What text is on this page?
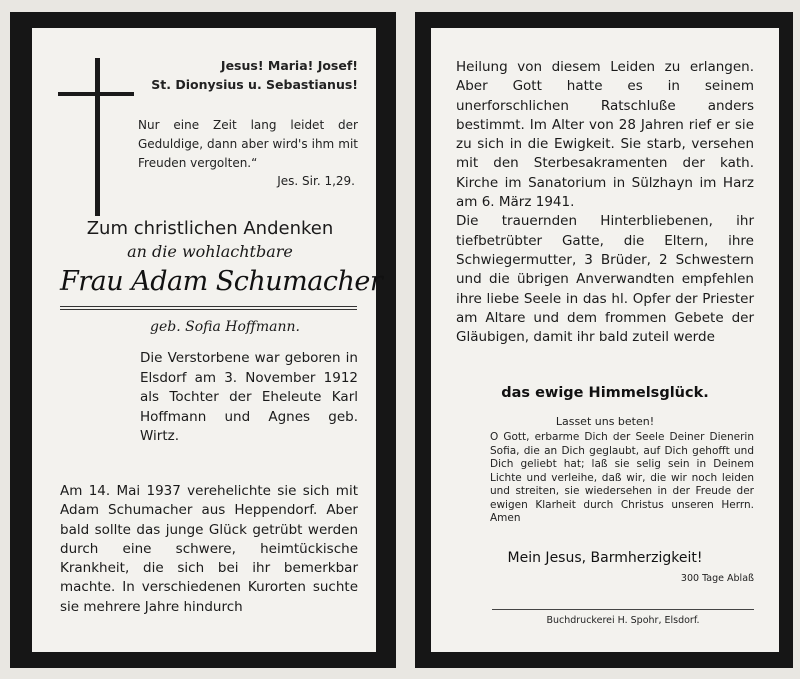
Jesus! Maria! Josef!
St. Dionysius u. Sebastianus!
Nur eine Zeit lang leidet der Geduldige, dann aber wird's ihm mit Freuden vergolten.“
Jes. Sir. 1,29.
Zum christlichen Andenken
an die wohlachtbare
Frau Adam Schumacher
geb. Sofia Hoffmann.
Die Verstorbene war geboren in Elsdorf am 3. November 1912 als Tochter der Eheleute Karl Hoffmann und Agnes geb. Wirtz.
Am 14. Mai 1937 verehelichte sie sich mit Adam Schumacher aus Heppendorf. Aber bald sollte das junge Glück getrübt werden durch eine schwere, heimtückische Krankheit, die sich bei ihr bemerkbar machte. In verschiedenen Kurorten suchte sie mehrere Jahre hindurch
Heilung von diesem Leiden zu erlangen. Aber Gott hatte es in seinem unerforschlichen Ratschluße anders bestimmt. Im Alter von 28 Jahren rief er sie zu sich in die Ewigkeit. Sie starb, versehen mit den Sterbesakramenten der kath. Kirche im Sanatorium in Sülzhayn im Harz am 6. März 1941.
Die trauernden Hinterbliebenen, ihr tiefbetrübter Gatte, die Eltern, ihre Schwiegermutter, 3 Brüder, 2 Schwestern und die übrigen Anverwandten empfehlen ihre liebe Seele in das hl. Opfer der Priester am Altare und dem frommen Gebete der Gläubigen, damit ihr bald zuteil werde
das ewige Himmelsglück.
Lasset uns beten!
O Gott, erbarme Dich der Seele Deiner Dienerin Sofia, die an Dich geglaubt, auf Dich gehofft und Dich geliebt hat; laß sie selig sein in Deinem Lichte und verleihe, daß wir, die wir noch leiden und streiten, sie wiedersehen in der Freude der ewigen Klarheit durch Christus unseren Herrn. Amen
Mein Jesus, Barmherzigkeit!
300 Tage Ablaß
Buchdruckerei H. Spohr, Elsdorf.
